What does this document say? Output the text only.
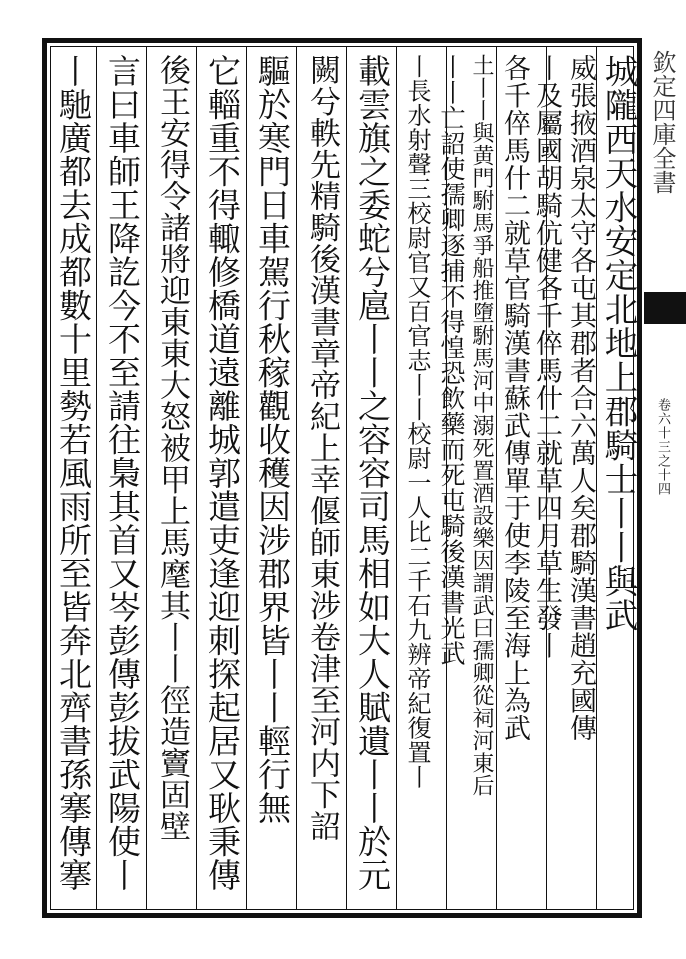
城隴西天水安定北地上郡騎士丨丨與武
威張掖酒泉太守各屯其郡者合六萬人矣郡騎漢書趙充國傳
丨及屬國胡騎伉健各千倅馬什二就草四月草生發丨
各千倅馬什二就草官騎漢書蘇武傳單于使李陵至海上為武
土丨丨與黄門駙馬爭船推墮駙馬河中溺死置酒設樂因謂武曰孺卿從祠河東后
丨丨亡詔使孺卿逐捕不得惶恐飲藥而死屯騎後漢書光武
丨長水射聲三校尉官又百官志丨丨校尉一人比二千石九辨帝紀復置丨
載雲旗之委蛇兮扈丨丨之容容司馬相如大人賦遺丨丨於元
闕兮軼先精騎後漢書章帝紀上幸偃師東涉卷津至河内下詔
驅於寒門日車駕行秋稼觀收穫因涉郡界皆丨丨輕行無
它輜重不得輙修橋道遠離城郭遣吏逢迎刺探起居又耿秉傳
後王安得令諸將迎東東大怒被甲上馬麾其丨丨徑造竇固壁
言曰車師王降訖今不至請往梟其首又岑彭傳彭拔武陽使丨
丨馳廣都去成都數十里勢若風雨所至皆奔北齊書孫搴傳搴	欽定四庫全書
卷六十三之十四
